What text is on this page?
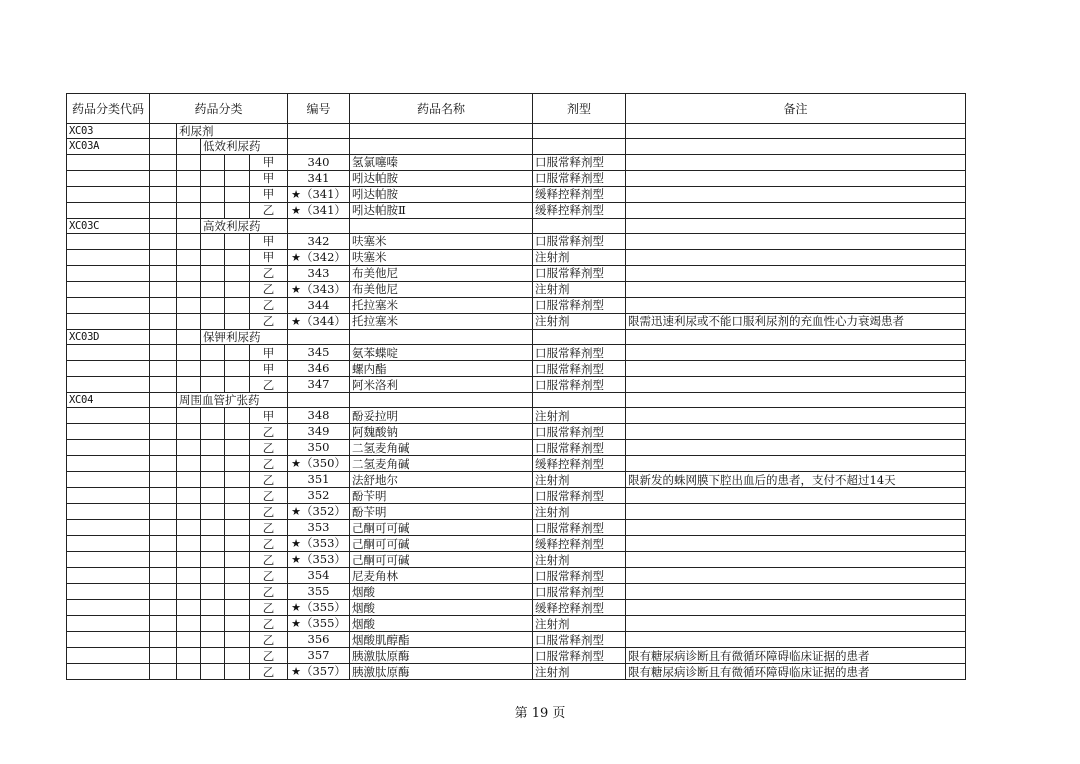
药品分类代码	药品分类					编号	药品名称	剂型	备注
XC03		利尿剂							
XC03A			低效利尿药						
					甲	340	氢氯噻嗪	口服常释剂型	
					甲	341	吲达帕胺	口服常释剂型	
					甲	★（341）	吲达帕胺	缓释控释剂型	
					乙	★（341）	吲达帕胺Ⅱ	缓释控释剂型	
XC03C			高效利尿药						
					甲	342	呋塞米	口服常释剂型	
					甲	★（342）	呋塞米	注射剂	
					乙	343	布美他尼	口服常释剂型	
					乙	★（343）	布美他尼	注射剂	
					乙	344	托拉塞米	口服常释剂型	
					乙	★（344）	托拉塞米	注射剂	限需迅速利尿或不能口服利尿剂的充血性心力衰竭患者
XC03D			保钾利尿药						
					甲	345	氨苯蝶啶	口服常释剂型	
					甲	346	螺内酯	口服常释剂型	
					乙	347	阿米洛利	口服常释剂型	
XC04		周围血管扩张药							
					甲	348	酚妥拉明	注射剂	
					乙	349	阿魏酸钠	口服常释剂型	
					乙	350	二氢麦角碱	口服常释剂型	
					乙	★（350）	二氢麦角碱	缓释控释剂型	
					乙	351	法舒地尔	注射剂	限新发的蛛网膜下腔出血后的患者，支付不超过14天
					乙	352	酚苄明	口服常释剂型	
					乙	★（352）	酚苄明	注射剂	
					乙	353	己酮可可碱	口服常释剂型	
					乙	★（353）	己酮可可碱	缓释控释剂型	
					乙	★（353）	己酮可可碱	注射剂	
					乙	354	尼麦角林	口服常释剂型	
					乙	355	烟酸	口服常释剂型	
					乙	★（355）	烟酸	缓释控释剂型	
					乙	★（355）	烟酸	注射剂	
					乙	356	烟酸肌醇酯	口服常释剂型	
					乙	357	胰激肽原酶	口服常释剂型	限有糖尿病诊断且有微循环障碍临床证据的患者
					乙	★（357）	胰激肽原酶	注射剂	限有糖尿病诊断且有微循环障碍临床证据的患者
第 19 页
